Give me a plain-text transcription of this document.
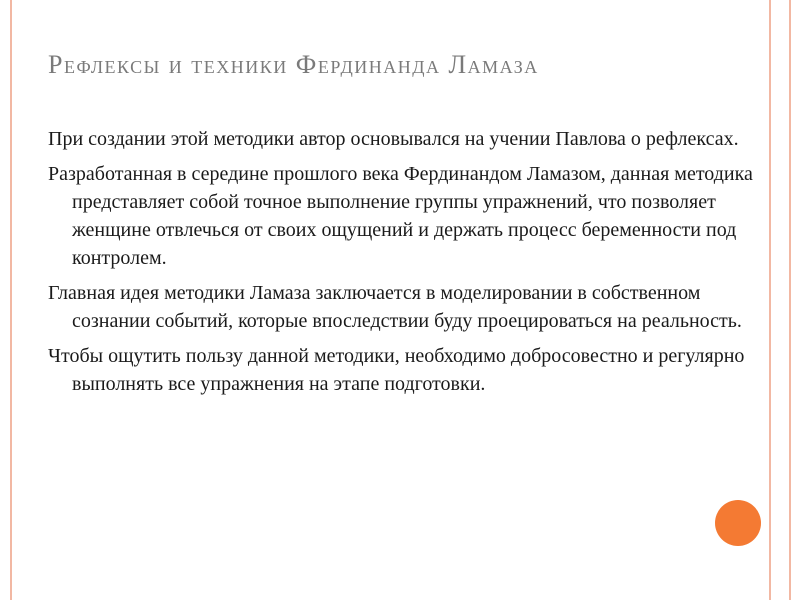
Рефлексы и техники Фердинанда Ламаза
При создании этой методики автор основывался на учении Павлова о рефлексах.
Разработанная в середине прошлого века Фердинандом Ламазом, данная методика представляет собой точное выполнение группы упражнений, что позволяет женщине отвлечься от своих ощущений и держать процесс беременности под контролем.
Главная идея методики Ламаза заключается в моделировании в собственном сознании событий, которые впоследствии буду проецироваться на реальность.
Чтобы ощутить пользу данной методики, необходимо добросовестно и регулярно выполнять все упражнения на этапе подготовки.
